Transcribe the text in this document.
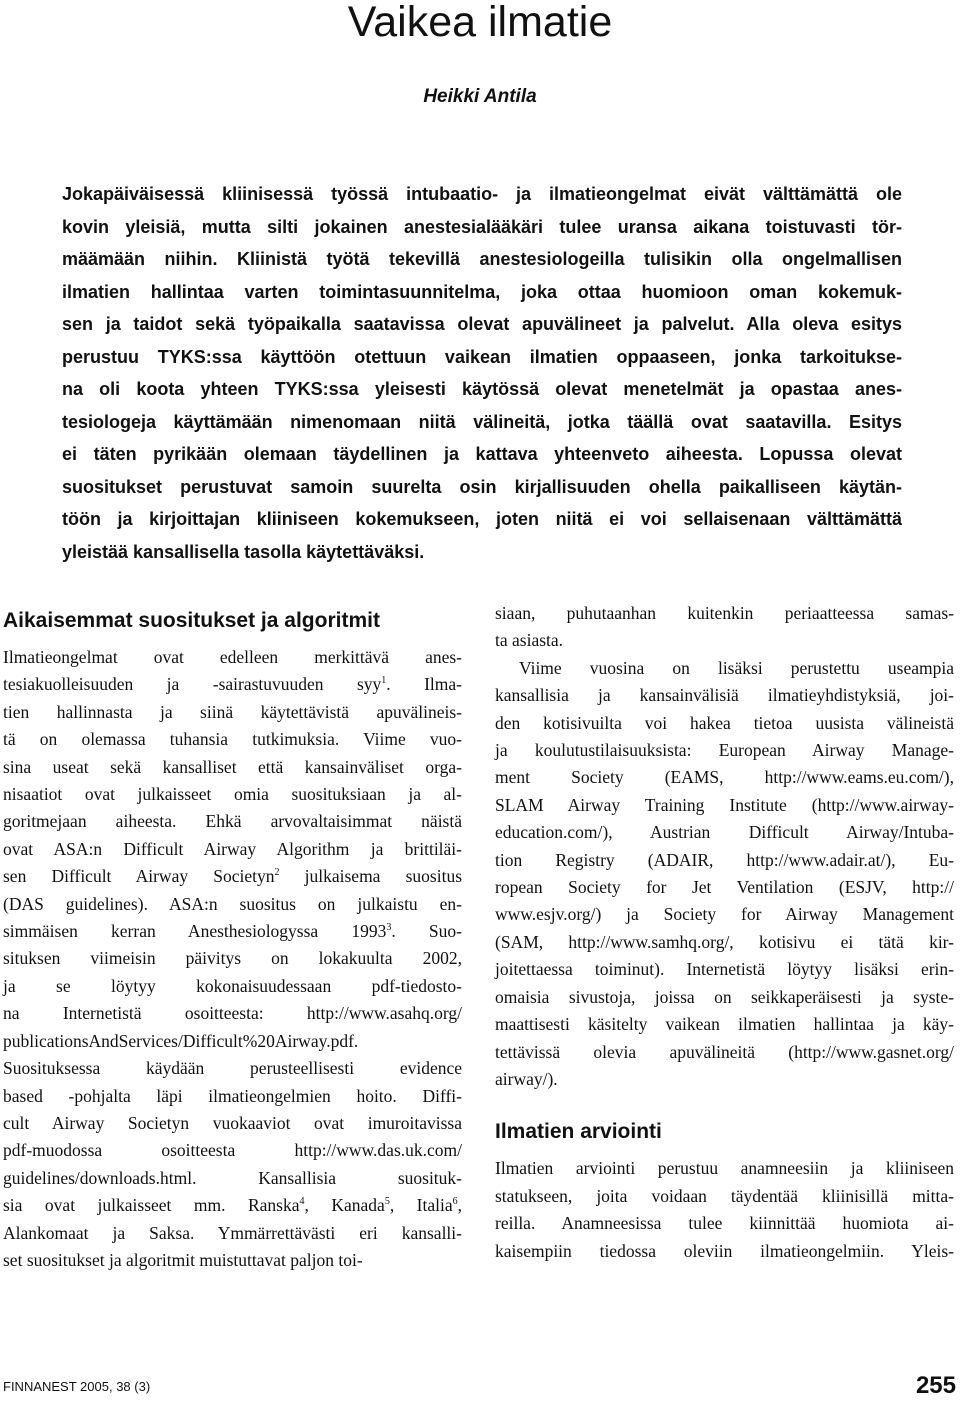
Vaikea ilmatie
Heikki Antila
Jokapäiväisessä kliinisessä työssä intubaatio- ja ilmatieongelmat eivät välttämättä ole
kovin yleisiä, mutta silti jokainen anestesialääkäri tulee uransa aikana toistuvasti tör-
määmään niihin. Kliinistä työtä tekevillä anestesiologeilla tulisikin olla ongelmallisen
ilmatien hallintaa varten toimintasuunnitelma, joka ottaa huomioon oman kokemuk-
sen ja taidot sekä työpaikalla saatavissa olevat apuvälineet ja palvelut. Alla oleva esitys
perustuu TYKS:ssa käyttöön otettuun vaikean ilmatien oppaaseen, jonka tarkoitukse-
na oli koota yhteen TYKS:ssa yleisesti käytössä olevat menetelmät ja opastaa anes-
tesiologeja käyttämään nimenomaan niitä välineitä, jotka täällä ovat saatavilla. Esitys
ei täten pyrikään olemaan täydellinen ja kattava yhteenveto aiheesta. Lopussa olevat
suositukset perustuvat samoin suurelta osin kirjallisuuden ohella paikalliseen käytän-
töön ja kirjoittajan kliiniseen kokemukseen, joten niitä ei voi sellaisenaan välttämättä
yleistää kansallisella tasolla käytettäväksi.
Aikaisemmat suositukset ja algoritmit
Ilmatieongelmat ovat edelleen merkittävä anes-
tesiakuolleisuuden ja -sairastuvuuden syy$^1$. Ilma-
tien hallinnasta ja siinä käytettävistä apuvälineis-
tä on olemassa tuhansia tutkimuksia. Viime vuo-
sina useat sekä kansalliset että kansainväliset orga-
nisaatiot ovat julkaisseet omia suosituksiaan ja al-
goritmejaan aiheesta. Ehkä arvovaltaisimmat näistä
ovat ASA:n Difficult Airway Algorithm ja brittiläi-
sen Difficult Airway Societyn$^2$ julkaisema suositus
(DAS guidelines). ASA:n suositus on julkaistu en-
simmäisen kerran Anesthesiologyssa 1993$^3$. Suo-
situksen viimeisin päivitys on lokakuulta 2002,
ja se löytyy kokonaisuudessaan pdf-tiedosto-
na Internetistä osoitteesta: http://www.asahq.org/
publicationsAndServices/Difficult%20Airway.pdf.
Suosituksessa käydään perusteellisesti evidence
based -pohjalta läpi ilmatieongelmien hoito. Diffi-
cult Airway Societyn vuokaaviot ovat imuroitavissa
pdf-muodossa osoitteesta http://www.das.uk.com/
guidelines/downloads.html. Kansallisia suosituk-
sia ovat julkaisseet mm. Ranska$^4$, Kanada$^5$, Italia$^6$,
Alankomaat ja Saksa. Ymmärrettävästi eri kansalli-
set suositukset ja algoritmit muistuttavat paljon toi-
siaan, puhutaanhan kuitenkin periaatteessa samas-
ta asiasta.
Viime vuosina on lisäksi perustettu useampia
kansallisia ja kansainvälisiä ilmatieyhdistyksiä, joi-
den kotisivuilta voi hakea tietoa uusista välineistä
ja koulutustilaisuuksista: European Airway Manage-
ment Society (EAMS, http://www.eams.eu.com/),
SLAM Airway Training Institute (http://www.airway-
education.com/), Austrian Difficult Airway/Intuba-
tion Registry (ADAIR, http://www.adair.at/), Eu-
ropean Society for Jet Ventilation (ESJV, http://
www.esjv.org/) ja Society for Airway Management
(SAM, http://www.samhq.org/, kotisivu ei tätä kir-
joitettaessa toiminut). Internetistä löytyy lisäksi erin-
omaisia sivustoja, joissa on seikkaperäisesti ja syste-
maattisesti käsitelty vaikean ilmatien hallintaa ja käy-
tettävissä olevia apuvälineitä (http://www.gasnet.org/
airway/).
Ilmatien arviointi
Ilmatien arviointi perustuu anamneesiin ja kliiniseen
statukseen, joita voidaan täydentää kliinisillä mitta-
reilla. Anamneesissa tulee kiinnittää huomiota ai-
kaisempiin tiedossa oleviin ilmatieongelmiin. Yleis-
FINNANEST 2005, 38 (3)	255
